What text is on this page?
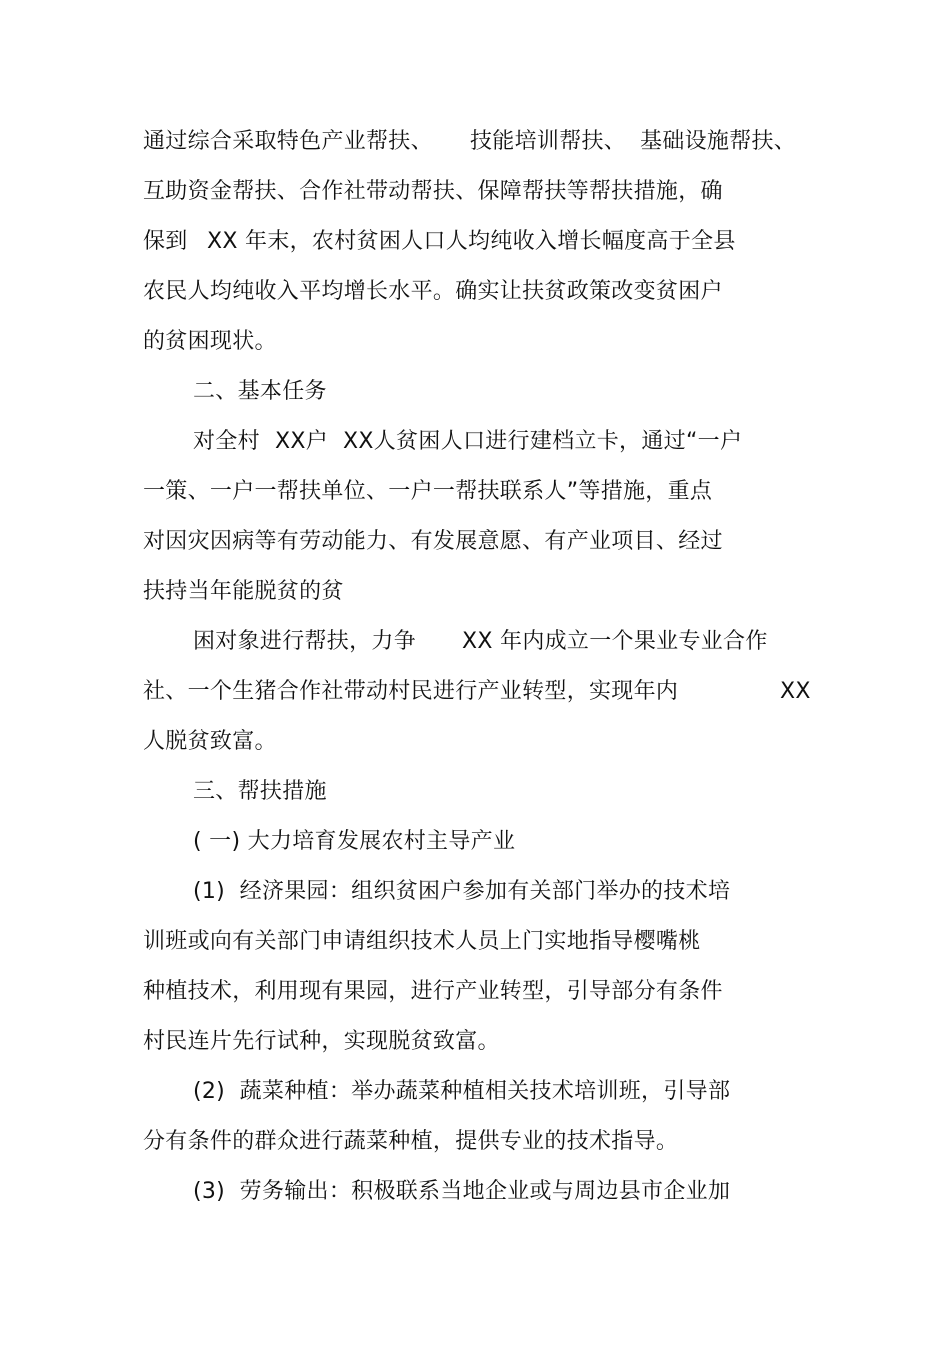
通过综合采取特色产业帮扶、 技能培训帮扶、 基础设施帮扶、
互助资金帮扶、合作社带动帮扶、保障帮扶等帮扶措施，确
保到 XX 年末，农村贫困人口人均纯收入增长幅度高于全县
农民人均纯收入平均增长水平。确实让扶贫政策改变贫困户
的贫困现状。
二、基本任务
对全村 XX户 XX人贫困人口进行建档立卡，通过“一户
一策、一户一帮扶单位、一户一帮扶联系人”等措施，重点
对因灾因病等有劳动能力、有发展意愿、有产业项目、经过
扶持当年能脱贫的贫
困对象进行帮扶，力争 XX 年内成立一个果业专业合作
社、一个生猪合作社带动村民进行产业转型，实现年内	XX
人脱贫致富。
三、帮扶措施
( 一) 大力培育发展农村主导产业
(1)  经济果园：组织贫困户参加有关部门举办的技术培
训班或向有关部门申请组织技术人员上门实地指导樱嘴桃
种植技术，利用现有果园，进行产业转型，引导部分有条件
村民连片先行试种，实现脱贫致富。
(2)  蔬菜种植：举办蔬菜种植相关技术培训班，引导部
分有条件的群众进行蔬菜种植，提供专业的技术指导。
(3)  劳务输出：积极联系当地企业或与周边县市企业加
